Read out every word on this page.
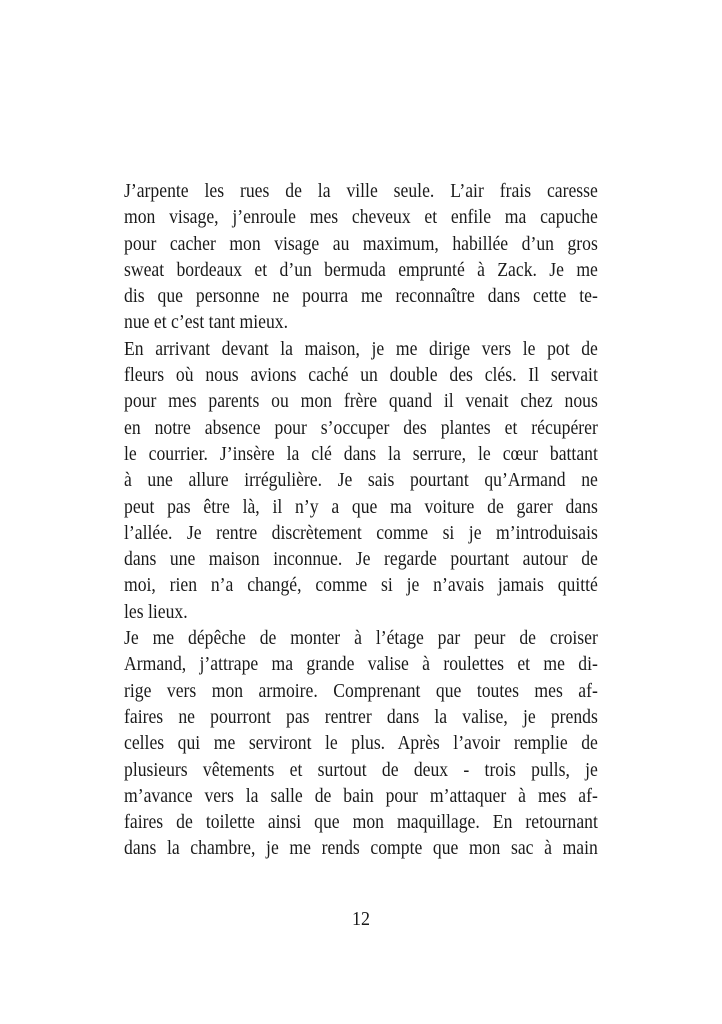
J’arpente les rues de la ville seule. L’air frais caresse
mon visage, j’enroule mes cheveux et enfile ma capuche
pour cacher mon visage au maximum, habillée d’un gros
sweat bordeaux et d’un bermuda emprunté à Zack. Je me
dis que personne ne pourra me reconnaître dans cette te-
nue et c’est tant mieux.
En arrivant devant la maison, je me dirige vers le pot de
fleurs où nous avions caché un double des clés. Il servait
pour mes parents ou mon frère quand il venait chez nous
en notre absence pour s’occuper des plantes et récupérer
le courrier. J’insère la clé dans la serrure, le cœur battant
à une allure irrégulière. Je sais pourtant qu’Armand ne
peut pas être là, il n’y a que ma voiture de garer dans
l’allée. Je rentre discrètement comme si je m’introduisais
dans une maison inconnue. Je regarde pourtant autour de
moi, rien n’a changé, comme si je n’avais jamais quitté
les lieux.
Je me dépêche de monter à l’étage par peur de croiser
Armand, j’attrape ma grande valise à roulettes et me di-
rige vers mon armoire. Comprenant que toutes mes af-
faires ne pourront pas rentrer dans la valise, je prends
celles qui me serviront le plus. Après l’avoir remplie de
plusieurs vêtements et surtout de deux - trois pulls, je
m’avance vers la salle de bain pour m’attaquer à mes af-
faires de toilette ainsi que mon maquillage. En retournant
dans la chambre, je me rends compte que mon sac à main
12
